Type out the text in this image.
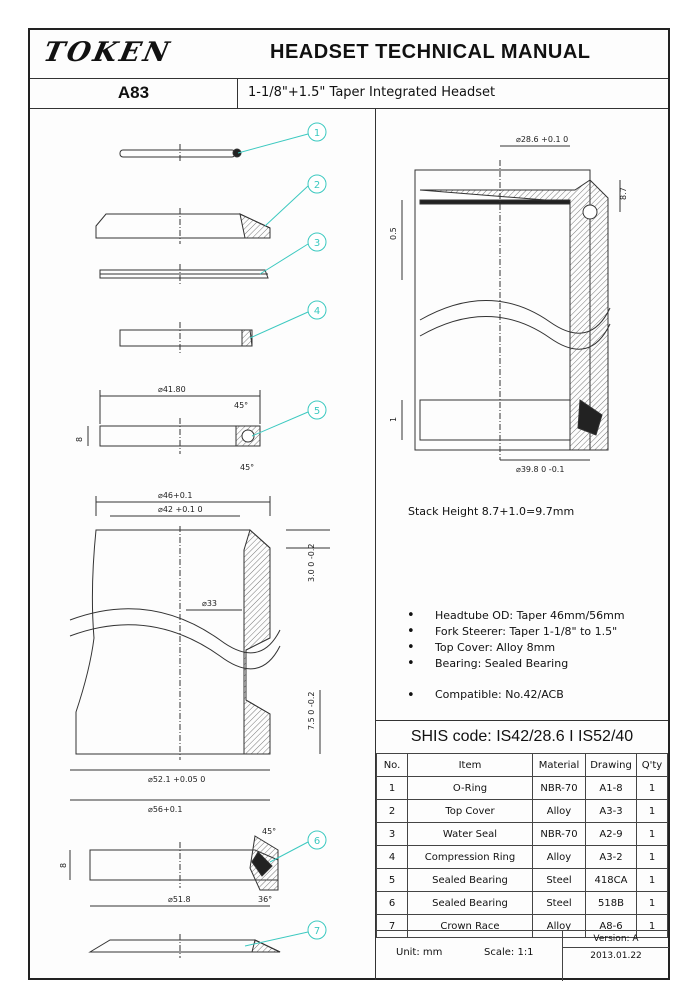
TOKEN	HEADSET TECHNICAL MANUAL
A83	1-1/8"+1.5" Taper Integrated Headset
1
2
3
4
5
6
7
⌀28.6 +0.1 0
8.7
0.5
1
⌀39.8 0 -0.1
⌀41.80
45°
8
45°
⌀46+0.1
⌀42 +0.1 0
⌀33
3.0 0 -0.2
7.5 0 -0.2
⌀52.1 +0.05 0
⌀56+0.1
45°
8
⌀51.8	36°
Stack Height 8.7+1.0=9.7mm
• Headtube OD: Taper 46mm/56mm
• Fork Steerer: Taper 1-1/8" to 1.5"
• Top Cover: Alloy 8mm
• Bearing: Sealed Bearing
• Compatible: No.42/ACB
SHIS code: IS42/28.6 I IS52/40
No.	Item	Material	Drawing	Q'ty
1	O-Ring	NBR-70	A1-8	1
2	Top Cover	Alloy	A3-3	1
3	Water Seal	NBR-70	A2-9	1
4	Compression Ring	Alloy	A3-2	1
5	Sealed Bearing	Steel	418CA	1
6	Sealed Bearing	Steel	518B	1
7	Crown Race	Alloy	A8-6	1
Unit: mm	Scale: 1:1
Version: A
2013.01.22
